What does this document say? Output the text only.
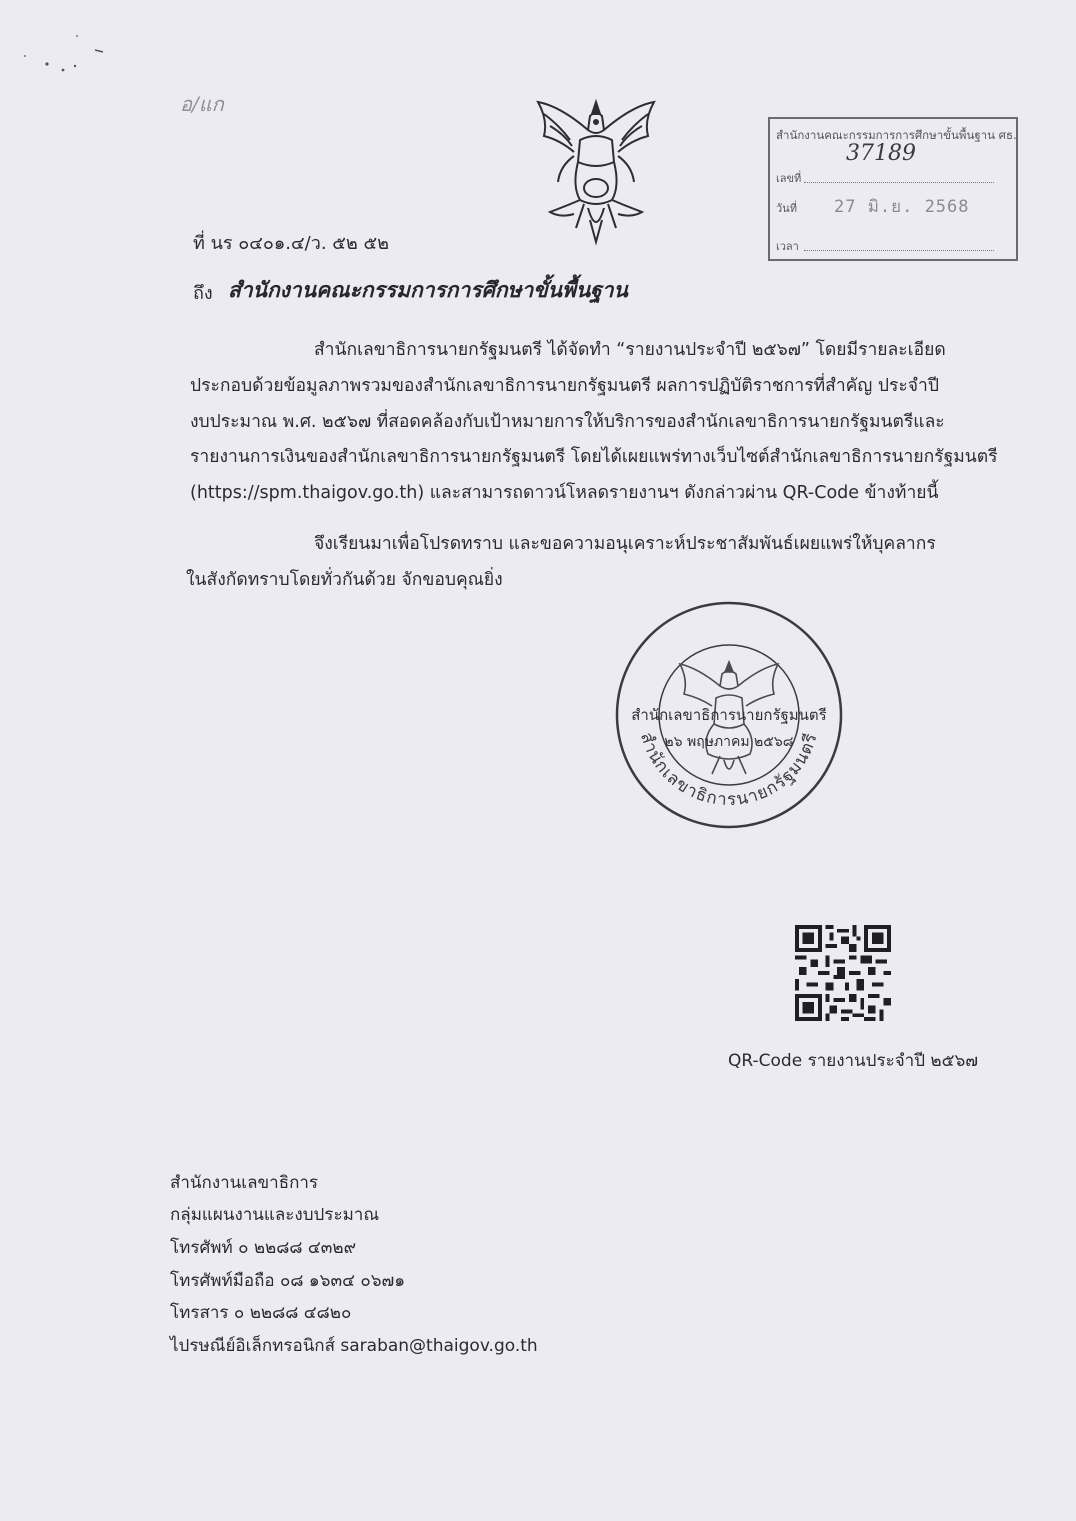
อ/แก
สำนักงานคณะกรรมการการศึกษาขั้นพื้นฐาน ศธ.
เลขที่
37189
วันที่ 27 มิ.ย. 2568
เวลา
ที่ นร ๐๔๐๑.๔/ว. ๕๒ ๕๒
ถึง สำนักงานคณะกรรมการการศึกษาขั้นพื้นฐาน
สำนักเลขาธิการนายกรัฐมนตรี ได้จัดทำ “รายงานประจำปี ๒๕๖๗” โดยมีรายละเอียด
ประกอบด้วยข้อมูลภาพรวมของสำนักเลขาธิการนายกรัฐมนตรี ผลการปฏิบัติราชการที่สำคัญ ประจำปี
งบประมาณ พ.ศ. ๒๕๖๗ ที่สอดคล้องกับเป้าหมายการให้บริการของสำนักเลขาธิการนายกรัฐมนตรีและ
รายงานการเงินของสำนักเลขาธิการนายกรัฐมนตรี โดยได้เผยแพร่ทางเว็บไซต์สำนักเลขาธิการนายกรัฐมนตรี
(https://spm.thaigov.go.th) และสามารถดาวน์โหลดรายงานฯ ดังกล่าวผ่าน QR-Code ข้างท้ายนี้
จึงเรียนมาเพื่อโปรดทราบ และขอความอนุเคราะห์ประชาสัมพันธ์เผยแพร่ให้บุคลากร
ในสังกัดทราบโดยทั่วกันด้วย จักขอบคุณยิ่ง
สำนักเลขาธิการนายกรัฐมนตรี
๒๖ พฤษภาคม ๒๕๖๘
สำนักเลขาธิการนายกรัฐมนตรี
QR-Code รายงานประจำปี ๒๕๖๗
สำนักงานเลขาธิการ
กลุ่มแผนงานและงบประมาณ
โทรศัพท์ ๐ ๒๒๘๘ ๔๓๒๙
โทรศัพท์มือถือ ๐๘ ๑๖๓๔ ๐๖๗๑
โทรสาร ๐ ๒๒๘๘ ๔๘๒๐
ไปรษณีย์อิเล็กทรอนิกส์ saraban@thaigov.go.th
